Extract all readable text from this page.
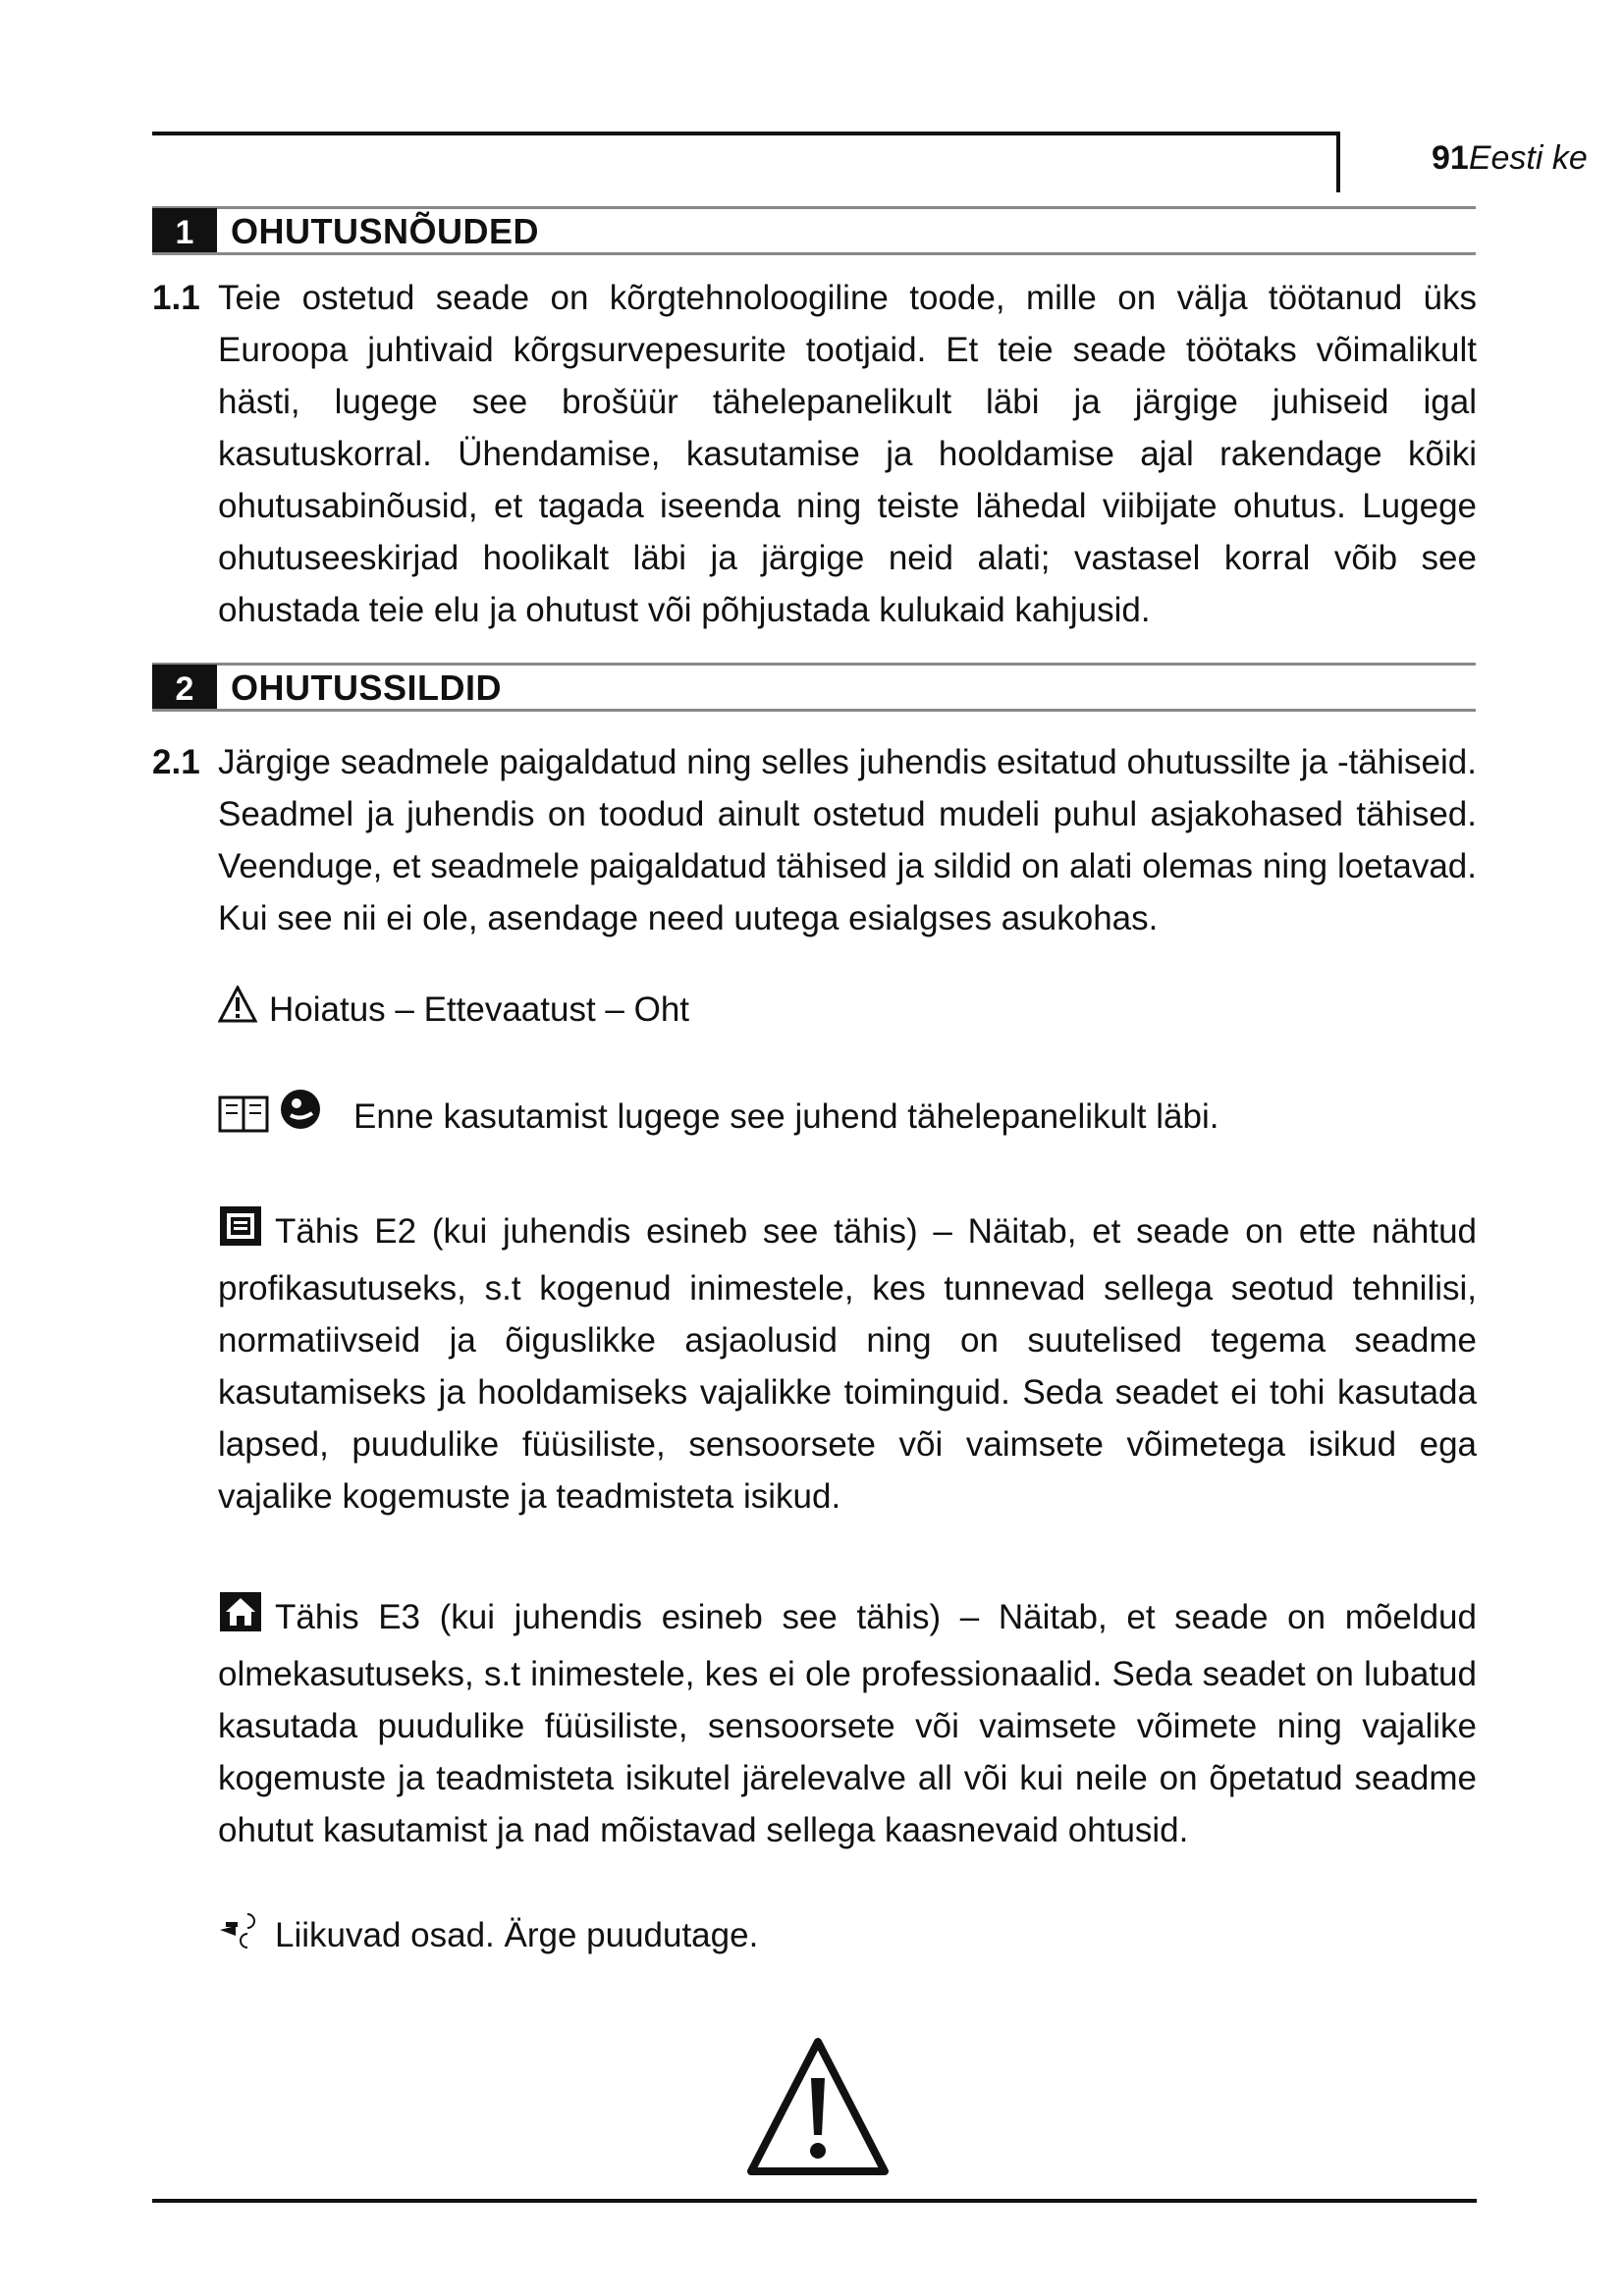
91Eesti ke
1	OHUTUSNÕUDED
1.1 Teie ostetud seade on kõrgtehnoloogiline toode, mille on välja töötanud üks Euroopa juhtivaid kõrgsurvepesurite tootjaid. Et teie seade töötaks võimalikult hästi, lugege see brošüür tähelepanelikult läbi ja järgige juhiseid igal kasutuskorral. Ühendamise, kasutamise ja hooldamise ajal rakendage kõiki ohutusabinõusid, et tagada iseenda ning teiste lähedal viibijate ohutus. Lugege ohutuseeskirjad hoolikalt läbi ja järgige neid alati; vastasel korral võib see ohustada teie elu ja ohutust või põhjustada kulukaid kahjusid.
2	OHUTUSSILDID
2.1 Järgige seadmele paigaldatud ning selles juhendis esitatud ohutussilte ja -tähiseid. Seadmel ja juhendis on toodud ainult ostetud mudeli puhul asjakohased tähised. Veenduge, et seadmele paigaldatud tähised ja sildid on alati olemas ning loetavad. Kui see nii ei ole, asendage need uutega esialgses asukohas.
Hoiatus – Ettevaatust – Oht
Enne kasutamist lugege see juhend tähelepanelikult läbi.
Tähis E2 (kui juhendis esineb see tähis) – Näitab, et seade on ette nähtud profikasutuseks, s.t kogenud inimestele, kes tunnevad sellega seotud tehnilisi, normatiivseid ja õiguslikke asjaolusid ning on suutelised tegema seadme kasutamiseks ja hooldamiseks vajalikke toiminguid. Seda seadet ei tohi kasutada lapsed, puudulike füüsiliste, sensoorsete või vaimsete võimetega isikud ega vajalike kogemuste ja teadmisteta isikud.
Tähis E3 (kui juhendis esineb see tähis) – Näitab, et seade on mõeldud olmekasutuseks, s.t inimestele, kes ei ole professionaalid. Seda seadet on lubatud kasutada puudulike füüsiliste, sensoorsete või vaimsete võimete ning vajalike kogemuste ja teadmisteta isikutel järelevalve all või kui neile on õpetatud seadme ohutut kasutamist ja nad mõistavad sellega kaasnevaid ohtusid.
Liikuvad osad. Ärge puudutage.
